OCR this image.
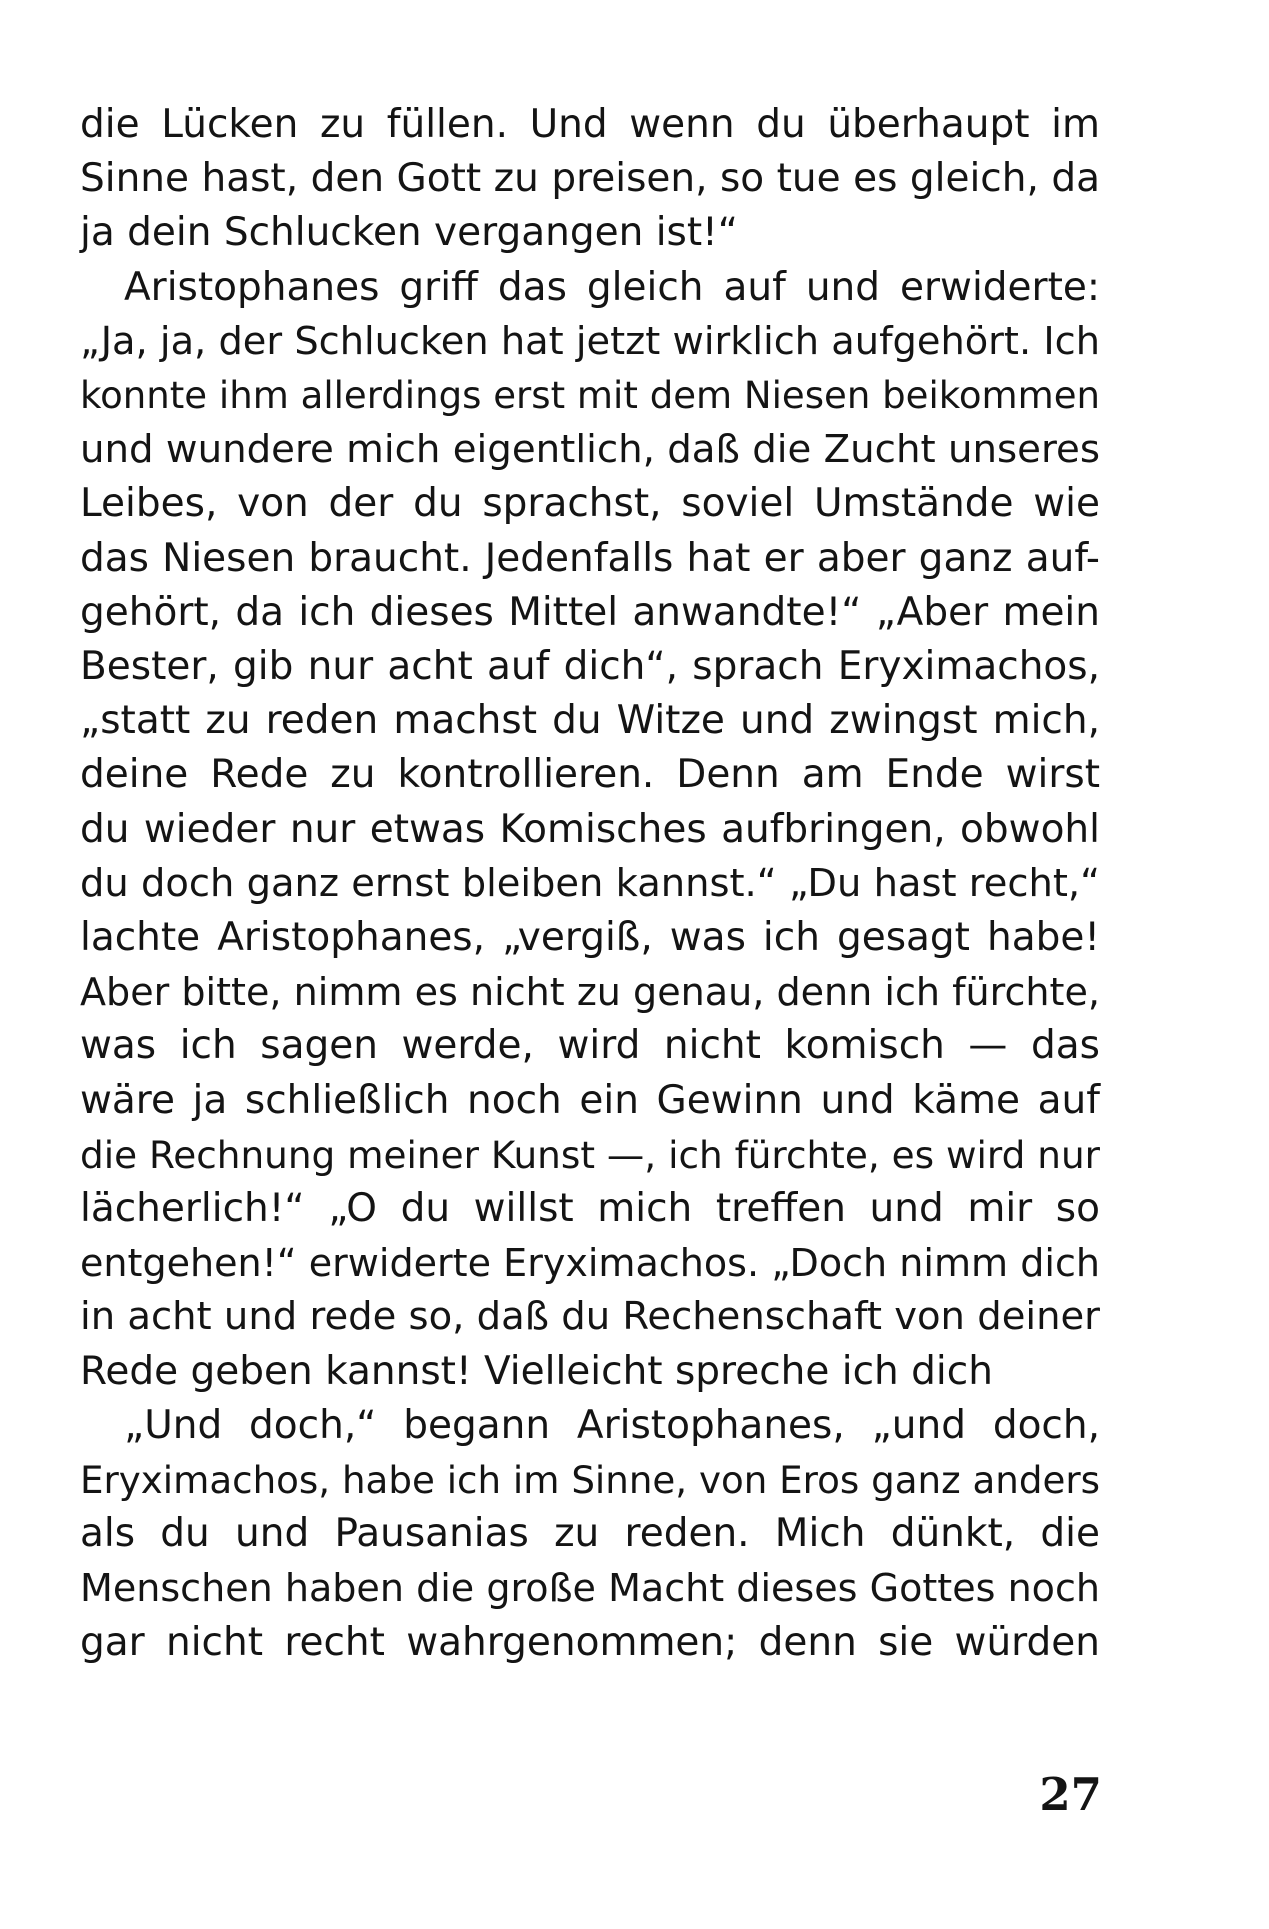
die Lücken zu füllen. Und wenn du überhaupt im
Sinne hast, den Gott zu preisen, so tue es gleich, da
ja dein Schlucken vergangen ist!“

Aristophanes griff das gleich auf und erwiderte:
„Ja, ja, der Schlucken hat jetzt wirklich aufgehört. Ich
konnte ihm allerdings erst mit dem Niesen beikommen
und wundere mich eigentlich, daß die Zucht unseres
Leibes, von der du sprachst, soviel Umstände wie
das Niesen braucht. Jedenfalls hat er aber ganz auf-
gehört, da ich dieses Mittel anwandte!“ „Aber mein
Bester, gib nur acht auf dich“, sprach Eryximachos,
„statt zu reden machst du Witze und zwingst mich,
deine Rede zu kontrollieren. Denn am Ende wirst
du wieder nur etwas Komisches aufbringen, obwohl
du doch ganz ernst bleiben kannst.“ „Du hast recht,“
lachte Aristophanes, „vergiß, was ich gesagt habe!
Aber bitte, nimm es nicht zu genau, denn ich fürchte,
was ich sagen werde, wird nicht komisch — das
wäre ja schließlich noch ein Gewinn und käme auf
die Rechnung meiner Kunst —, ich fürchte, es wird nur
lächerlich!“ „O du willst mich treffen und mir so
entgehen!“ erwiderte Eryximachos. „Doch nimm dich
in acht und rede so, daß du Rechenschaft von deiner
Rede geben kannst! Vielleicht spreche ich dich

„Und doch,“ begann Aristophanes, „und doch,
Eryximachos, habe ich im Sinne, von Eros ganz anders
als du und Pausanias zu reden. Mich dünkt, die
Menschen haben die große Macht dieses Gottes noch
gar nicht recht wahrgenommen; denn sie würden

27
